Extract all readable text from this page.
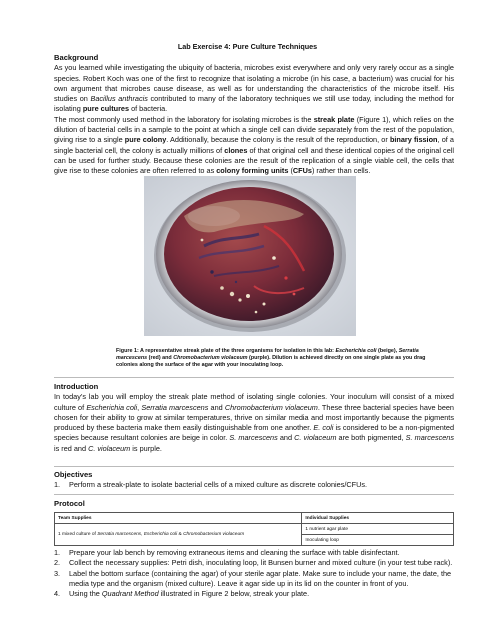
Lab Exercise 4: Pure Culture Techniques
Background

As you learned while investigating the ubiquity of bacteria, microbes exist everywhere and only very rarely occur as a single species. Robert Koch was one of the first to recognize that isolating a microbe (in his case, a bacterium) was crucial for his own argument that microbes cause disease, as well as for understanding the characteristics of the microbe itself. His studies on Bacillus anthracis contributed to many of the laboratory techniques we still use today, including the method for isolating pure cultures of bacteria.

The most commonly used method in the laboratory for isolating microbes is the streak plate (Figure 1), which relies on the dilution of bacterial cells in a sample to the point at which a single cell can divide separately from the rest of the population, giving rise to a single pure colony. Additionally, because the colony is the result of the reproduction, or binary fission, of a single bacterial cell, the colony is actually millions of clones of that original cell and these identical copies of the original cell can be used for further study. Because these colonies are the result of the replication of a single viable cell, the cells that give rise to these colonies are often referred to as colony forming units (CFUs) rather than cells.

Figure 1: A representative streak plate of the three organisms for isolation in this lab: Escherichia coli (beige), Serratia marcescens (red) and Chromobacterium violaceum (purple). Dilution is achieved directly on one single plate as you drag colonies along the surface of the agar with your inoculating loop.
Introduction

In today’s lab you will employ the streak plate method of isolating single colonies. Your inoculum will consist of a mixed culture of Escherichia coli, Serratia marcescens and Chromobacterium violaceum. These three bacterial species have been chosen for their ability to grow at similar temperatures, thrive on similar media and most importantly because the pigments produced by these bacteria make them easily distinguishable from one another. E. coli is considered to be a non-pigmented species because resultant colonies are beige in color. S. marcescens and C. violaceum are both pigmented, S. marcescens is red and C. violaceum is purple.

Objectives

1. Perform a streak-plate to isolate bacterial cells of a mixed culture as discrete colonies/CFUs.

Protocol
Team Supplies	Individual Supplies
1 mixed culture of Serratia marcescens, Escherichia coli & Chromobacterium violaceum	1 nutrient agar plate
	Inoculating loop
1. Prepare your lab bench by removing extraneous items and cleaning the surface with table disinfectant.
2. Collect the necessary supplies: Petri dish, inoculating loop, lit Bunsen burner and mixed culture (in your test tube rack).
3. Label the bottom surface (containing the agar) of your sterile agar plate. Make sure to include your name, the date, the media type and the organism (mixed culture). Leave it agar side up in its lid on the counter in front of you.
4. Using the Quadrant Method illustrated in Figure 2 below, streak your plate.
